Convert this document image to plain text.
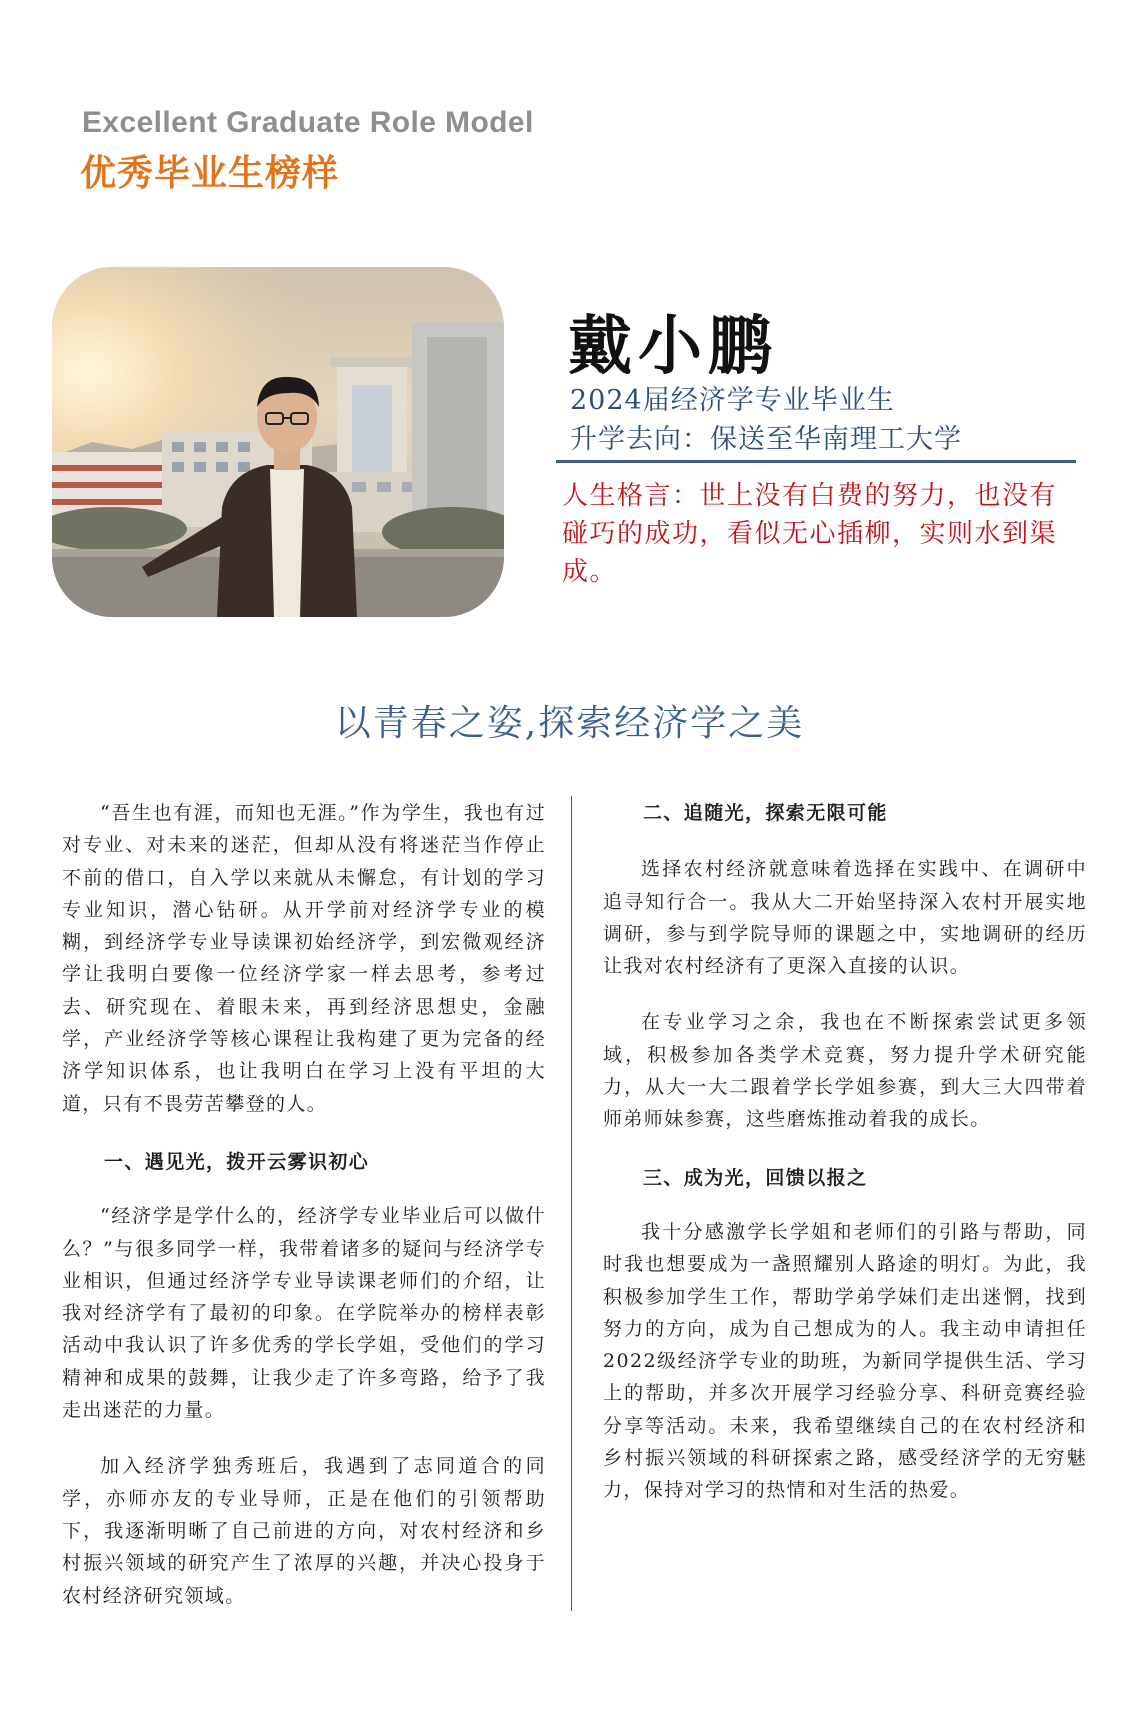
Excellent Graduate Role Model
优秀毕业生榜样
戴小鹏
2024届经济学专业毕业生
升学去向：保送至华南理工大学
人生格言：世上没有白费的努力，也没有碰巧的成功，看似无心插柳，实则水到渠成。
以青春之姿,探索经济学之美

“吾生也有涯，而知也无涯。”作为学生，我也有过对专业、对未来的迷茫，但却从没有将迷茫当作停止不前的借口，自入学以来就从未懈怠，有计划的学习专业知识，潜心钻研。从开学前对经济学专业的模糊，到经济学专业导读课初始经济学，到宏微观经济学让我明白要像一位经济学家一样去思考，参考过去、研究现在、着眼未来，再到经济思想史，金融学，产业经济学等核心课程让我构建了更为完备的经济学知识体系，也让我明白在学习上没有平坦的大道，只有不畏劳苦攀登的人。

一、遇见光，拨开云雾识初心

“经济学是学什么的，经济学专业毕业后可以做什么？”与很多同学一样，我带着诸多的疑问与经济学专业相识，但通过经济学专业导读课老师们的介绍，让我对经济学有了最初的印象。在学院举办的榜样表彰活动中我认识了许多优秀的学长学姐，受他们的学习精神和成果的鼓舞，让我少走了许多弯路，给予了我走出迷茫的力量。

加入经济学独秀班后，我遇到了志同道合的同学，亦师亦友的专业导师，正是在他们的引领帮助下，我逐渐明晰了自己前进的方向，对农村经济和乡村振兴领域的研究产生了浓厚的兴趣，并决心投身于农村经济研究领域。

二、追随光，探索无限可能

选择农村经济就意味着选择在实践中、在调研中追寻知行合一。我从大二开始坚持深入农村开展实地调研，参与到学院导师的课题之中，实地调研的经历让我对农村经济有了更深入直接的认识。

在专业学习之余，我也在不断探索尝试更多领域，积极参加各类学术竞赛，努力提升学术研究能力，从大一大二跟着学长学姐参赛，到大三大四带着师弟师妹参赛，这些磨炼推动着我的成长。

三、成为光，回馈以报之

我十分感激学长学姐和老师们的引路与帮助，同时我也想要成为一盏照耀别人路途的明灯。为此，我积极参加学生工作，帮助学弟学妹们走出迷惘，找到努力的方向，成为自己想成为的人。我主动申请担任2022级经济学专业的助班，为新同学提供生活、学习上的帮助，并多次开展学习经验分享、科研竞赛经验分享等活动。未来，我希望继续自己的在农村经济和乡村振兴领域的科研探索之路，感受经济学的无穷魅力，保持对学习的热情和对生活的热爱。
